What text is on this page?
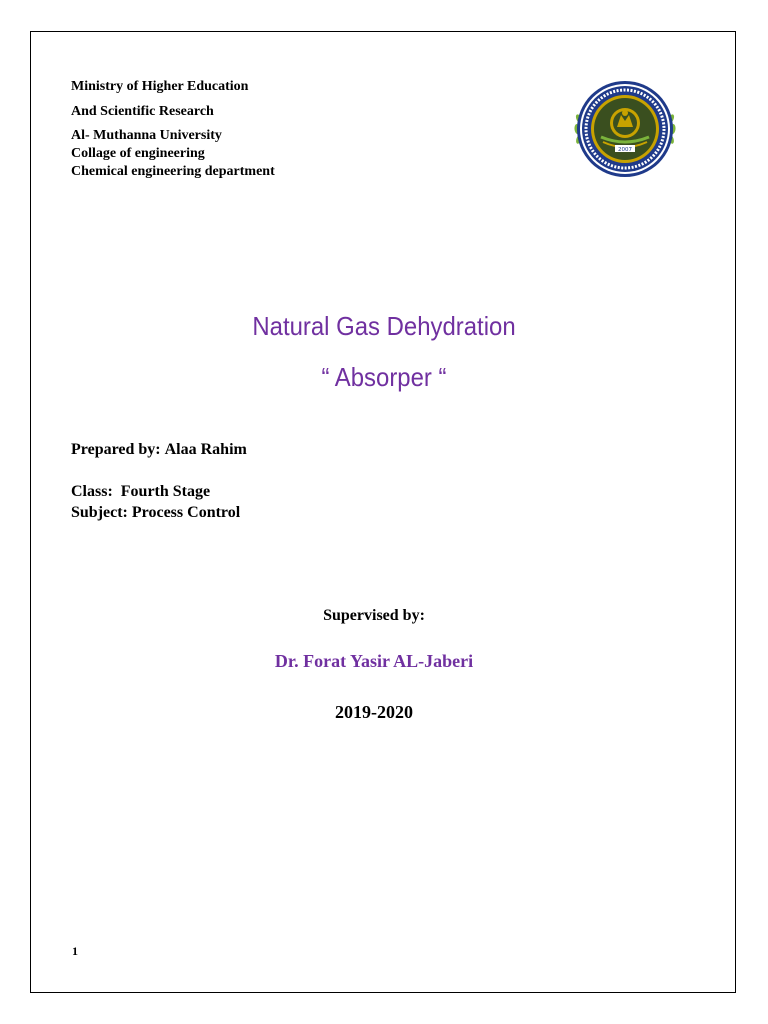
Ministry of Higher Education
And Scientific Research
Al- Muthanna University
Collage of engineering
Chemical engineering department
2007
Natural Gas Dehydration
“ Absorper “
Prepared by: Alaa Rahim
Class: Fourth Stage
Subject: Process Control
Supervised by:
Dr. Forat Yasir AL-Jaberi
2019-2020
1
